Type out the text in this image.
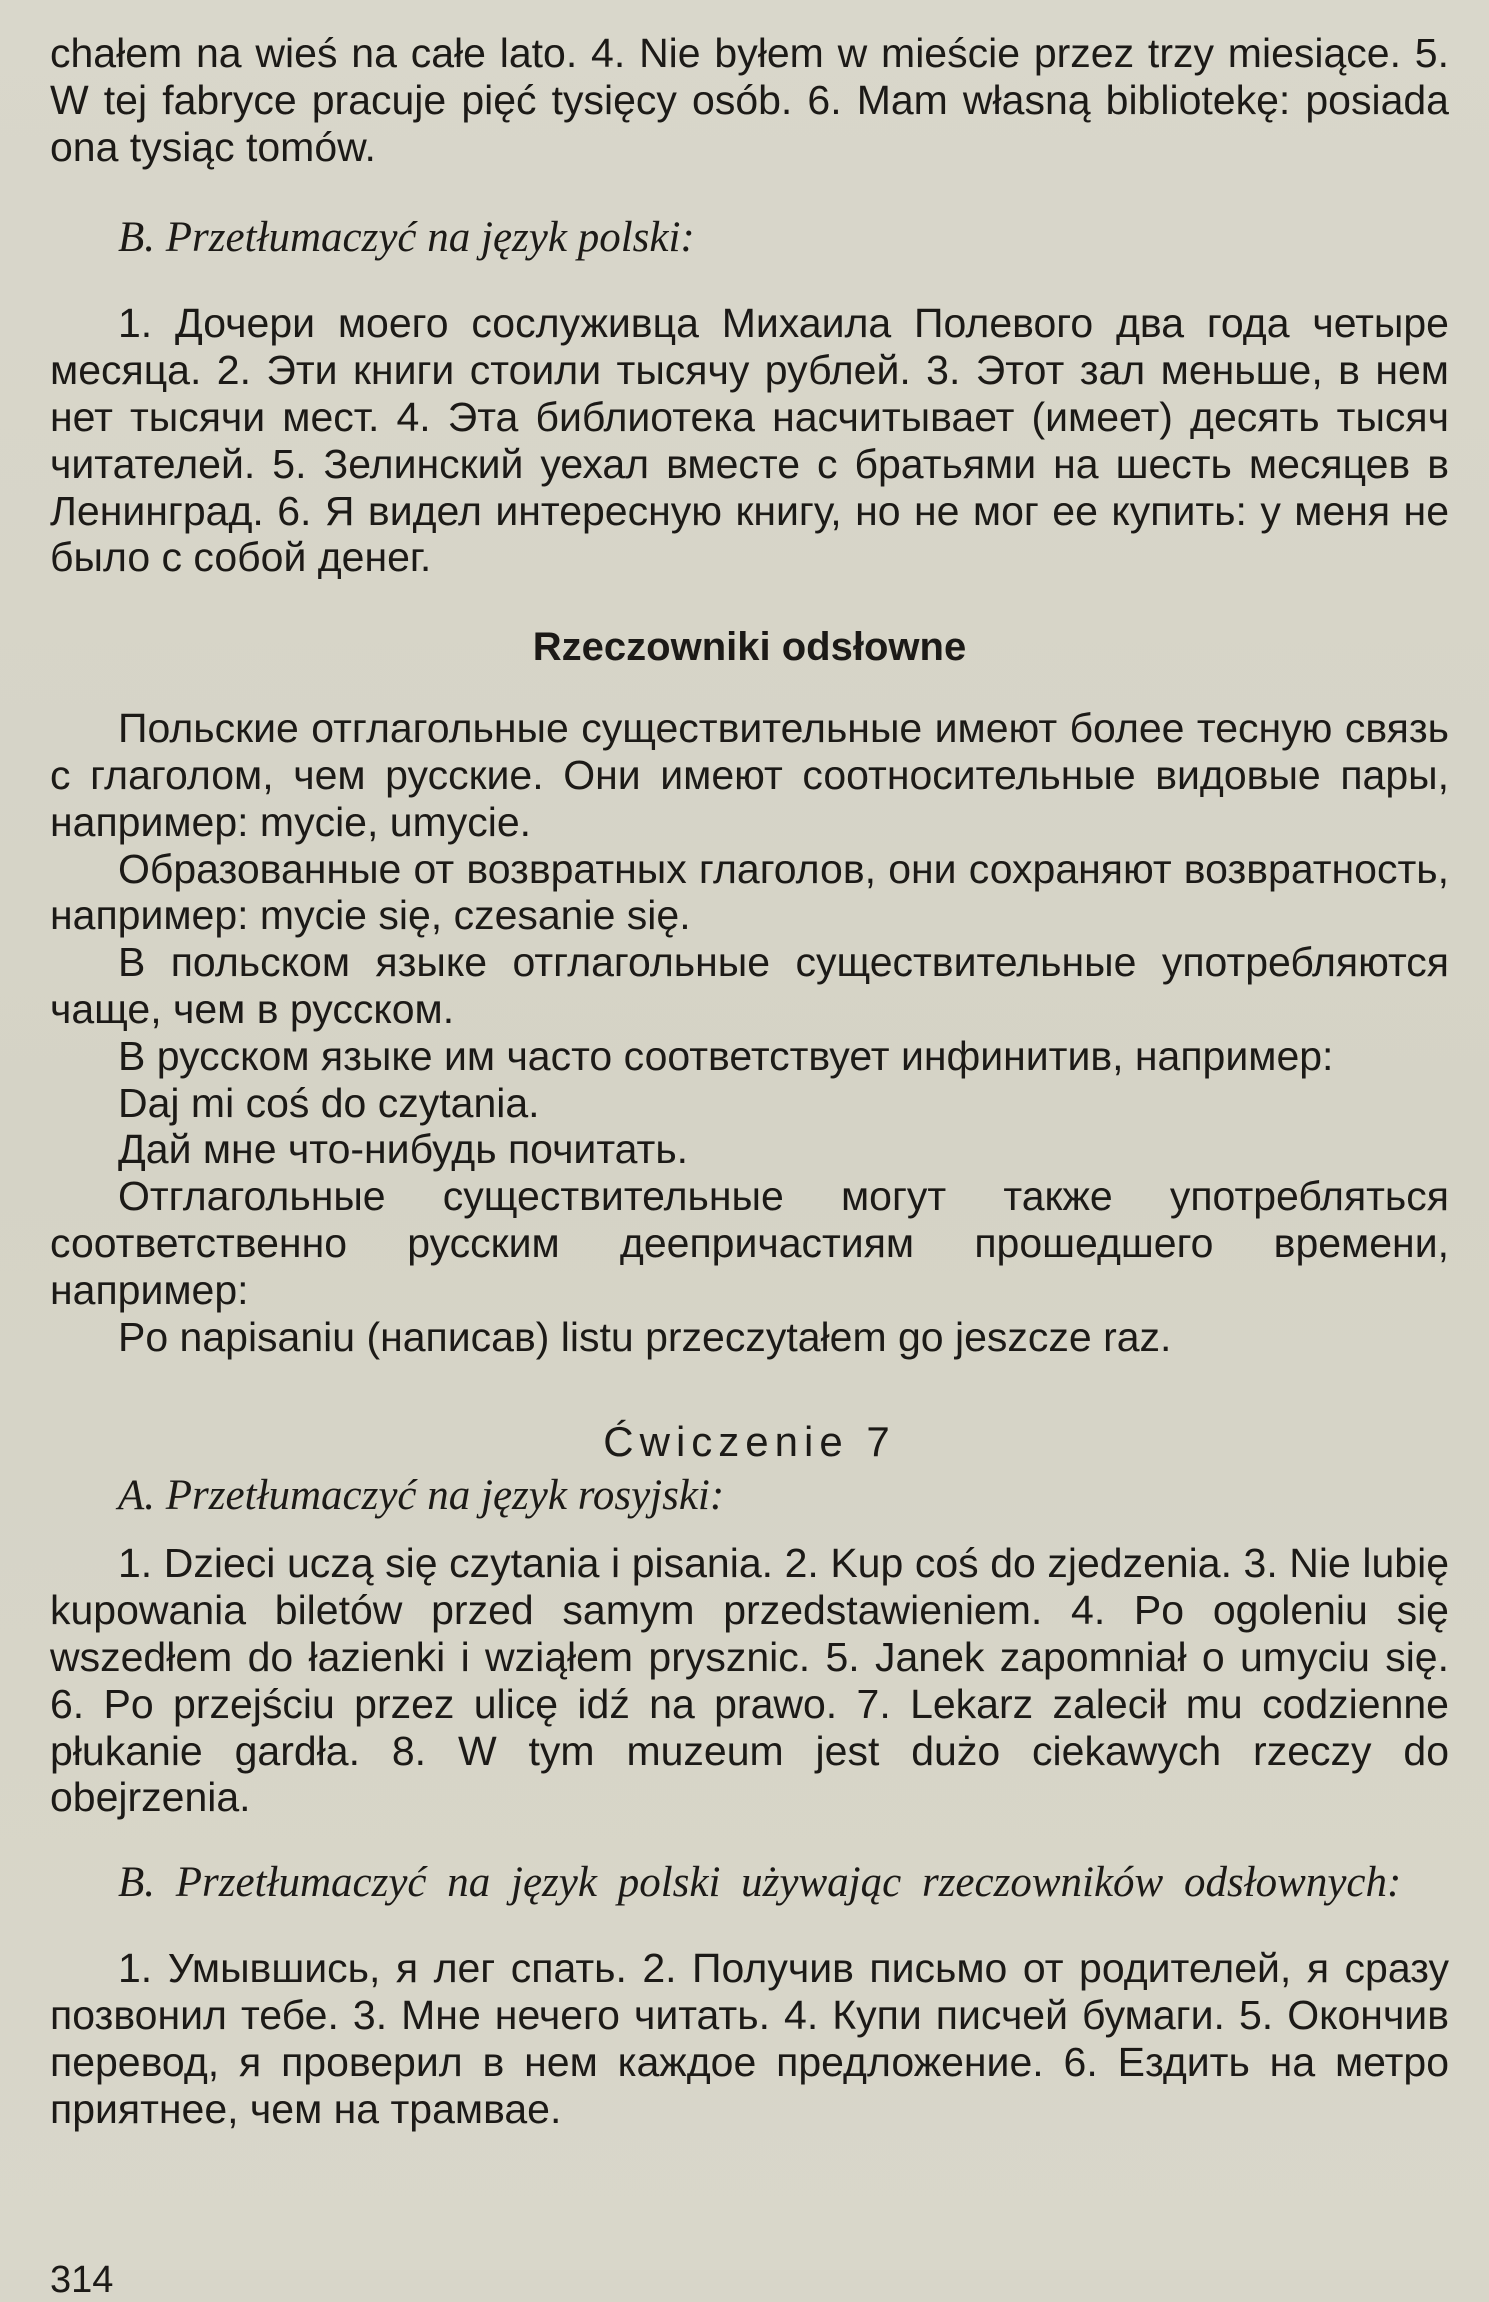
chałem na wieś na całe lato. 4. Nie byłem w mieście przez trzy miesiące. 5. W tej fabryce pracuje pięć tysięcy osób. 6. Mam własną bibliotekę: posiada ona tysiąc tomów.

B. Przetłumaczyć na język polski:

1. Дочери моего сослуживца Михаила Полевого два года четыре месяца. 2. Эти книги стоили тысячу рублей. 3. Этот зал меньше, в нем нет тысячи мест. 4. Эта библиотека насчитывает (имеет) десять тысяч читателей. 5. Зелинский уехал вместе с братьями на шесть месяцев в Ленинград. 6. Я видел интересную книгу, но не мог ее купить: у меня не было с собой денег.

Rzeczowniki odsłowne

Польские отглагольные существительные имеют более тесную связь с глаголом, чем русские. Они имеют соотносительные видовые пары, например: mycie, umycie.

Образованные от возвратных глаголов, они сохраняют возвратность, например: mycie się, czesanie się.

В польском языке отглагольные существительные употребляются чаще, чем в русском.

В русском языке им часто соответствует инфинитив, например:

Daj mi coś do czytania.

Дай мне что-нибудь почитать.

Отглагольные существительные могут также употребляться соответственно русским деепричастиям прошедшего времени, например:

Po napisaniu (написав) listu przeczytałem go jeszcze raz.

Ćwiczenie 7

A. Przetłumaczyć na język rosyjski:

1. Dzieci uczą się czytania i pisania. 2. Kup coś do zjedzenia. 3. Nie lubię kupowania biletów przed samym przedstawieniem. 4. Po ogoleniu się wszedłem do łazienki i wziąłem prysznic. 5. Janek zapomniał o umyciu się. 6. Po przejściu przez ulicę idź na prawo. 7. Lekarz zalecił mu codzienne płukanie gardła. 8. W tym muzeum jest dużo ciekawych rzeczy do obejrzenia.

B. Przetłumaczyć na język polski używając rzeczowników odsłownych:

1. Умывшись, я лег спать. 2. Получив письмо от родителей, я сразу позвонил тебе. 3. Мне нечего читать. 4. Купи писчей бумаги. 5. Окончив перевод, я проверил в нем каждое предложение. 6. Ездить на метро приятнее, чем на трамвае.

314
